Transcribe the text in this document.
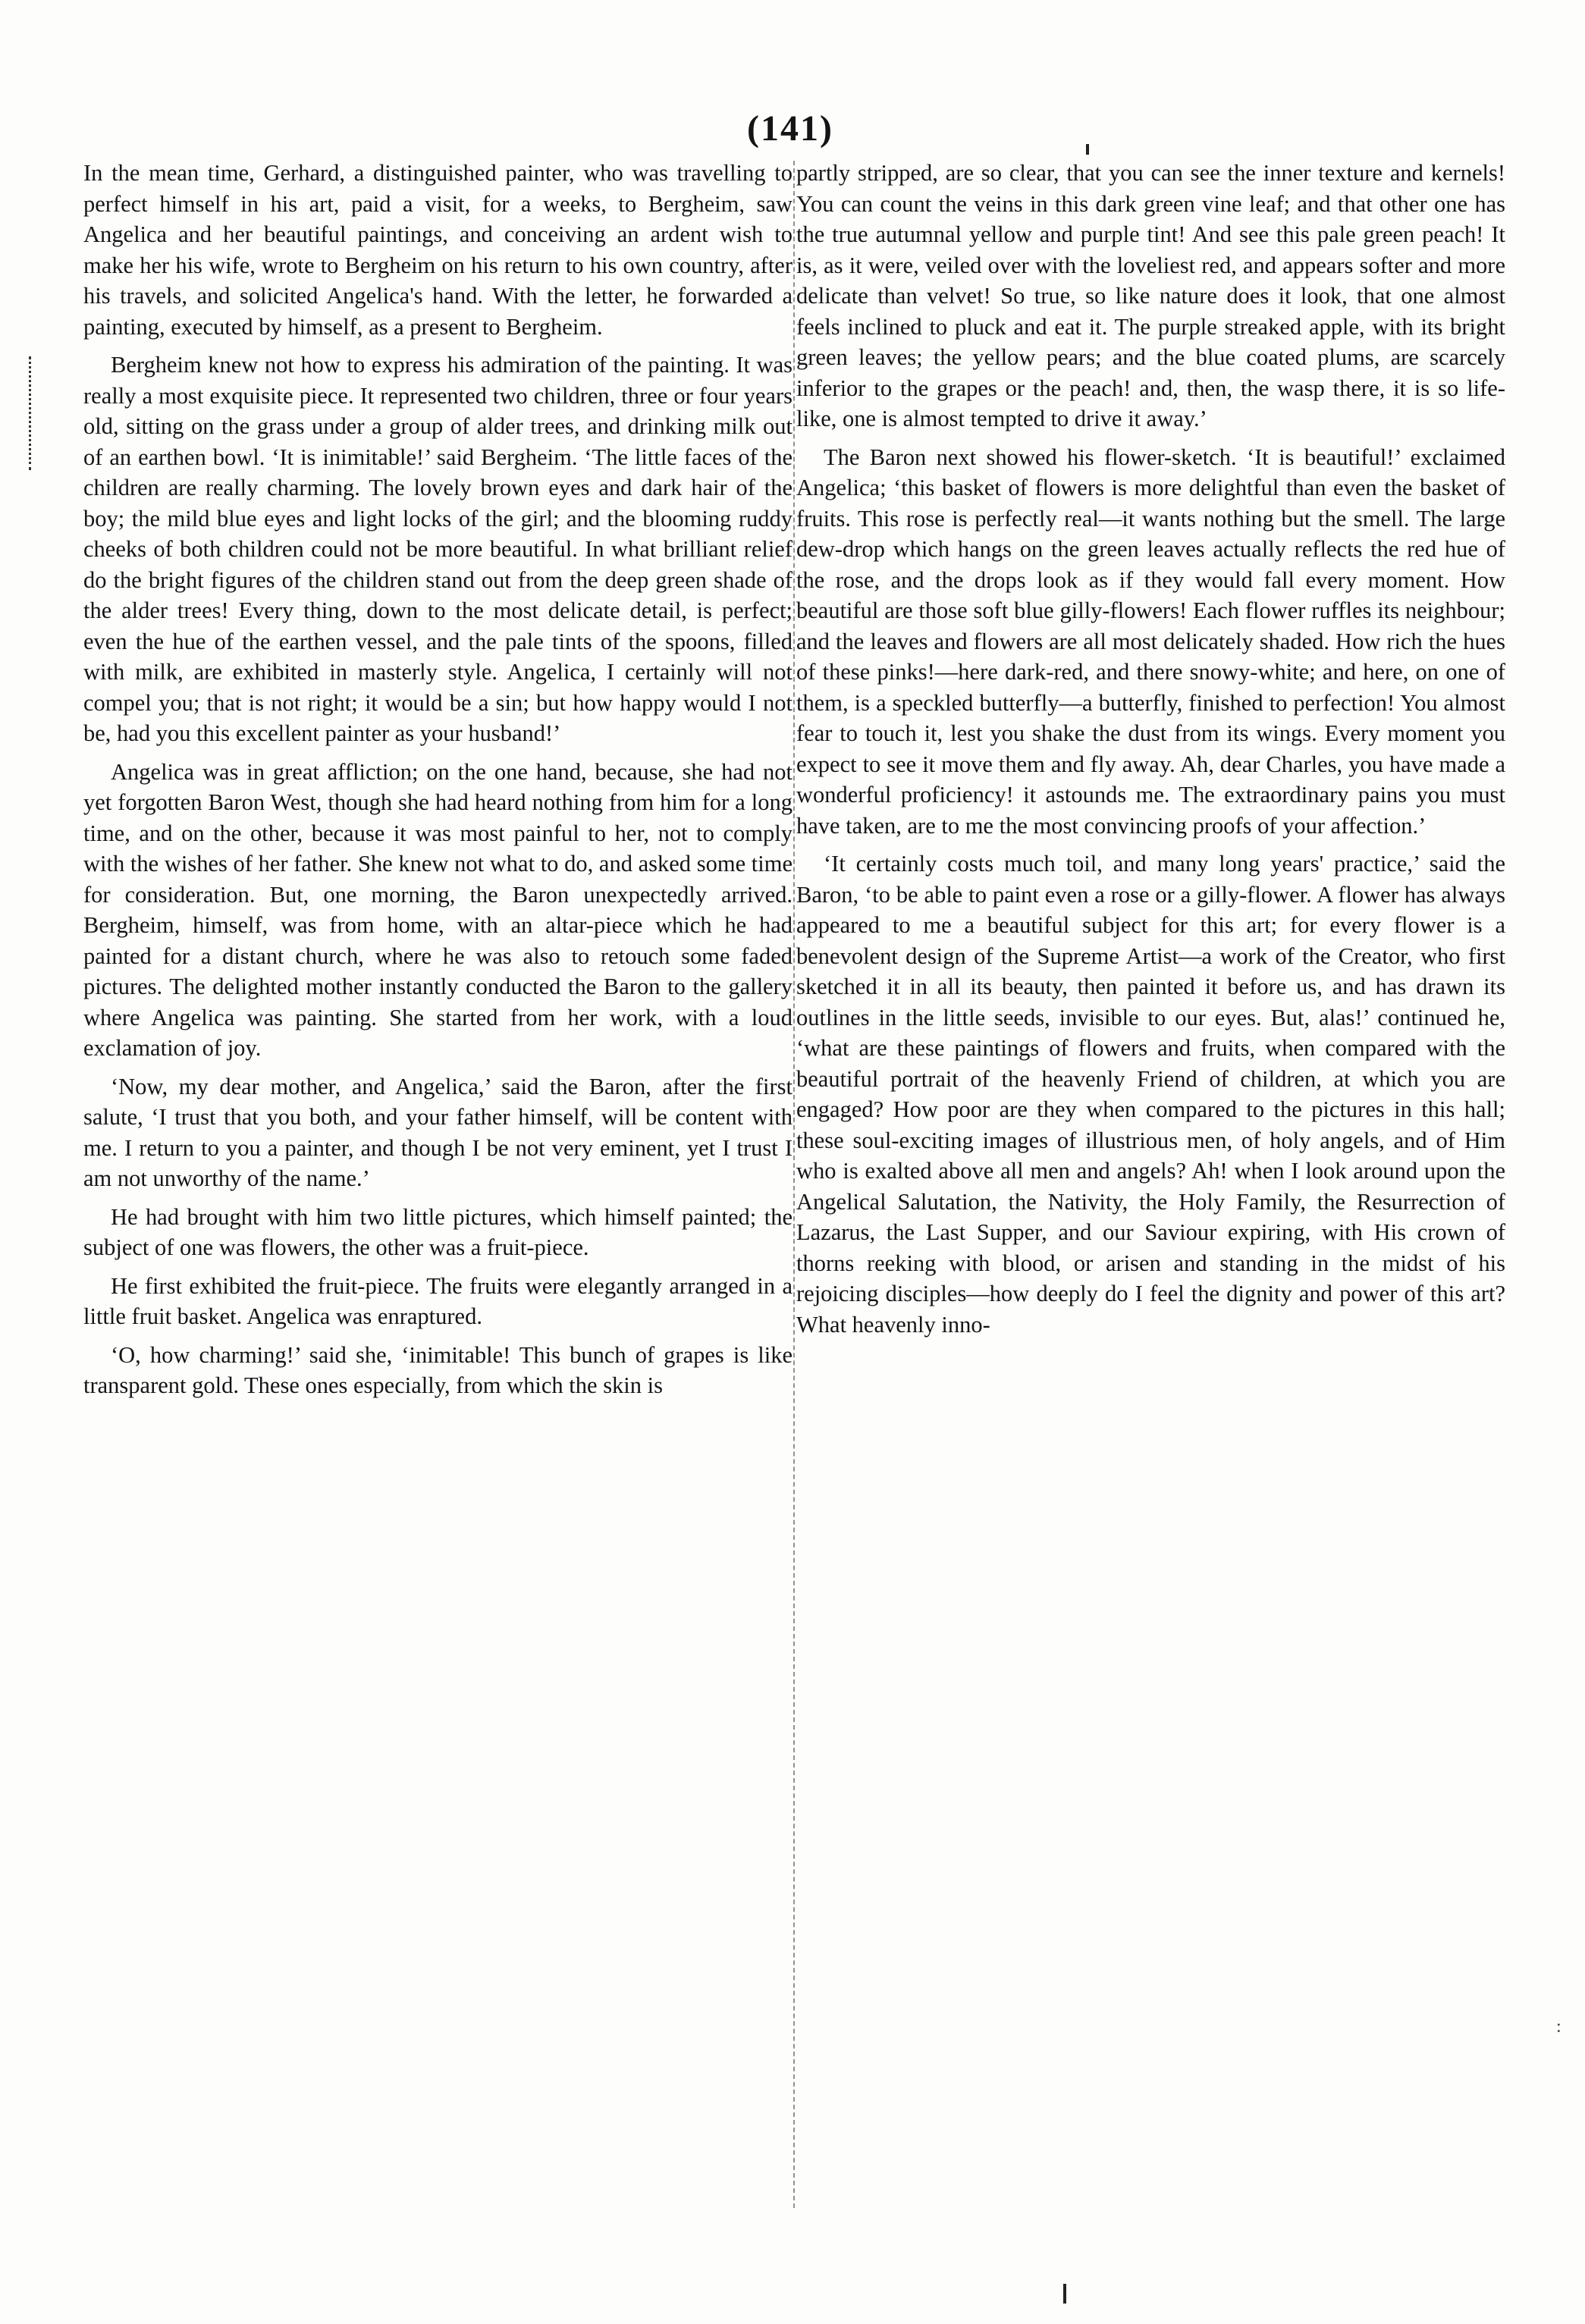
(141)
:

In the mean time, Gerhard, a distinguished painter, who was travelling to perfect himself in his art, paid a visit, for a weeks, to Bergheim, saw Angelica and her beautiful paintings, and conceiving an ardent wish to make her his wife, wrote to Bergheim on his return to his own country, after his travels, and solicited Angelica's hand. With the letter, he forwarded a painting, executed by himself, as a present to Bergheim.

Bergheim knew not how to express his admiration of the painting. It was really a most exquisite piece. It represented two children, three or four years old, sitting on the grass under a group of alder trees, and drinking milk out of an earthen bowl. ‘It is inimitable!’ said Bergheim. ‘The little faces of the children are really charming. The lovely brown eyes and dark hair of the boy; the mild blue eyes and light locks of the girl; and the blooming ruddy cheeks of both children could not be more beautiful. In what brilliant relief do the bright figures of the children stand out from the deep green shade of the alder trees! Every thing, down to the most delicate detail, is perfect; even the hue of the earthen vessel, and the pale tints of the spoons, filled with milk, are exhibited in masterly style. Angelica, I certainly will not compel you; that is not right; it would be a sin; but how happy would I not be, had you this excellent painter as your husband!’

Angelica was in great affliction; on the one hand, because, she had not yet forgotten Baron West, though she had heard nothing from him for a long time, and on the other, because it was most painful to her, not to comply with the wishes of her father. She knew not what to do, and asked some time for consideration. But, one morning, the Baron unexpectedly arrived. Bergheim, himself, was from home, with an altar-piece which he had painted for a distant church, where he was also to retouch some faded pictures. The delighted mother instantly conducted the Baron to the gallery where Angelica was painting. She started from her work, with a loud exclamation of joy.

‘Now, my dear mother, and Angelica,’ said the Baron, after the first salute, ‘I trust that you both, and your father himself, will be content with me. I return to you a painter, and though I be not very eminent, yet I trust I am not unworthy of the name.’

He had brought with him two little pictures, which himself painted; the subject of one was flowers, the other was a fruit-piece.

He first exhibited the fruit-piece. The fruits were elegantly arranged in a little fruit basket. Angelica was enraptured.

‘O, how charming!’ said she, ‘inimitable! This bunch of grapes is like transparent gold. These ones especially, from which the skin is

partly stripped, are so clear, that you can see the inner texture and kernels! You can count the veins in this dark green vine leaf; and that other one has the true autumnal yellow and purple tint! And see this pale green peach! It is, as it were, veiled over with the loveliest red, and appears softer and more delicate than velvet! So true, so like nature does it look, that one almost feels inclined to pluck and eat it. The purple streaked apple, with its bright green leaves; the yellow pears; and the blue coated plums, are scarcely inferior to the grapes or the peach! and, then, the wasp there, it is so life-like, one is almost tempted to drive it away.’

The Baron next showed his flower-sketch. ‘It is beautiful!’ exclaimed Angelica; ‘this basket of flowers is more delightful than even the basket of fruits. This rose is perfectly real—it wants nothing but the smell. The large dew-drop which hangs on the green leaves actually reflects the red hue of the rose, and the drops look as if they would fall every moment. How beautiful are those soft blue gilly-flowers! Each flower ruffles its neighbour; and the leaves and flowers are all most delicately shaded. How rich the hues of these pinks!—here dark-red, and there snowy-white; and here, on one of them, is a speckled butterfly—a butterfly, finished to perfection! You almost fear to touch it, lest you shake the dust from its wings. Every moment you expect to see it move them and fly away. Ah, dear Charles, you have made a wonderful proficiency! it astounds me. The extraordinary pains you must have taken, are to me the most convincing proofs of your affection.’

‘It certainly costs much toil, and many long years' practice,’ said the Baron, ‘to be able to paint even a rose or a gilly-flower. A flower has always appeared to me a beautiful subject for this art; for every flower is a benevolent design of the Supreme Artist—a work of the Creator, who first sketched it in all its beauty, then painted it before us, and has drawn its outlines in the little seeds, invisible to our eyes. But, alas!’ continued he, ‘what are these paintings of flowers and fruits, when compared with the beautiful portrait of the heavenly Friend of children, at which you are engaged? How poor are they when compared to the pictures in this hall; these soul-exciting images of illustrious men, of holy angels, and of Him who is exalted above all men and angels? Ah! when I look around upon the Angelical Salutation, the Nativity, the Holy Family, the Resurrection of Lazarus, the Last Supper, and our Saviour expiring, with His crown of thorns reeking with blood, or arisen and standing in the midst of his rejoicing disciples—how deeply do I feel the dignity and power of this art? What heavenly inno-
